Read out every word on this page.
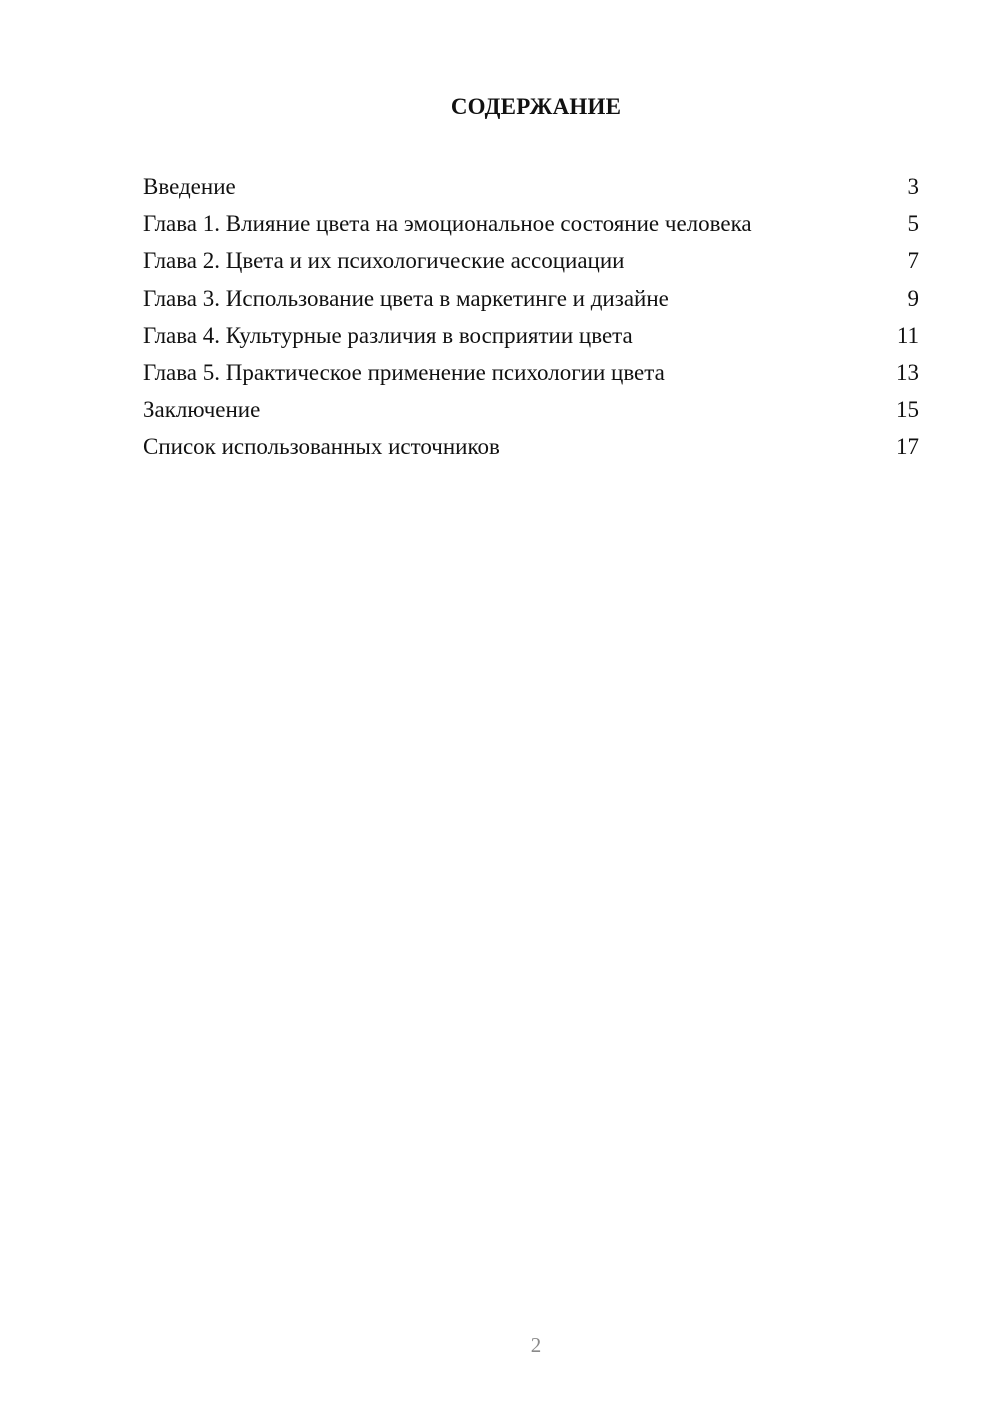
СОДЕРЖАНИЕ
Введение	3
Глава 1. Влияние цвета на эмоциональное состояние человека	5
Глава 2. Цвета и их психологические ассоциации	7
Глава 3. Использование цвета в маркетинге и дизайне	9
Глава 4. Культурные различия в восприятии цвета	11
Глава 5. Практическое применение психологии цвета	13
Заключение	15
Список использованных источников	17
2
